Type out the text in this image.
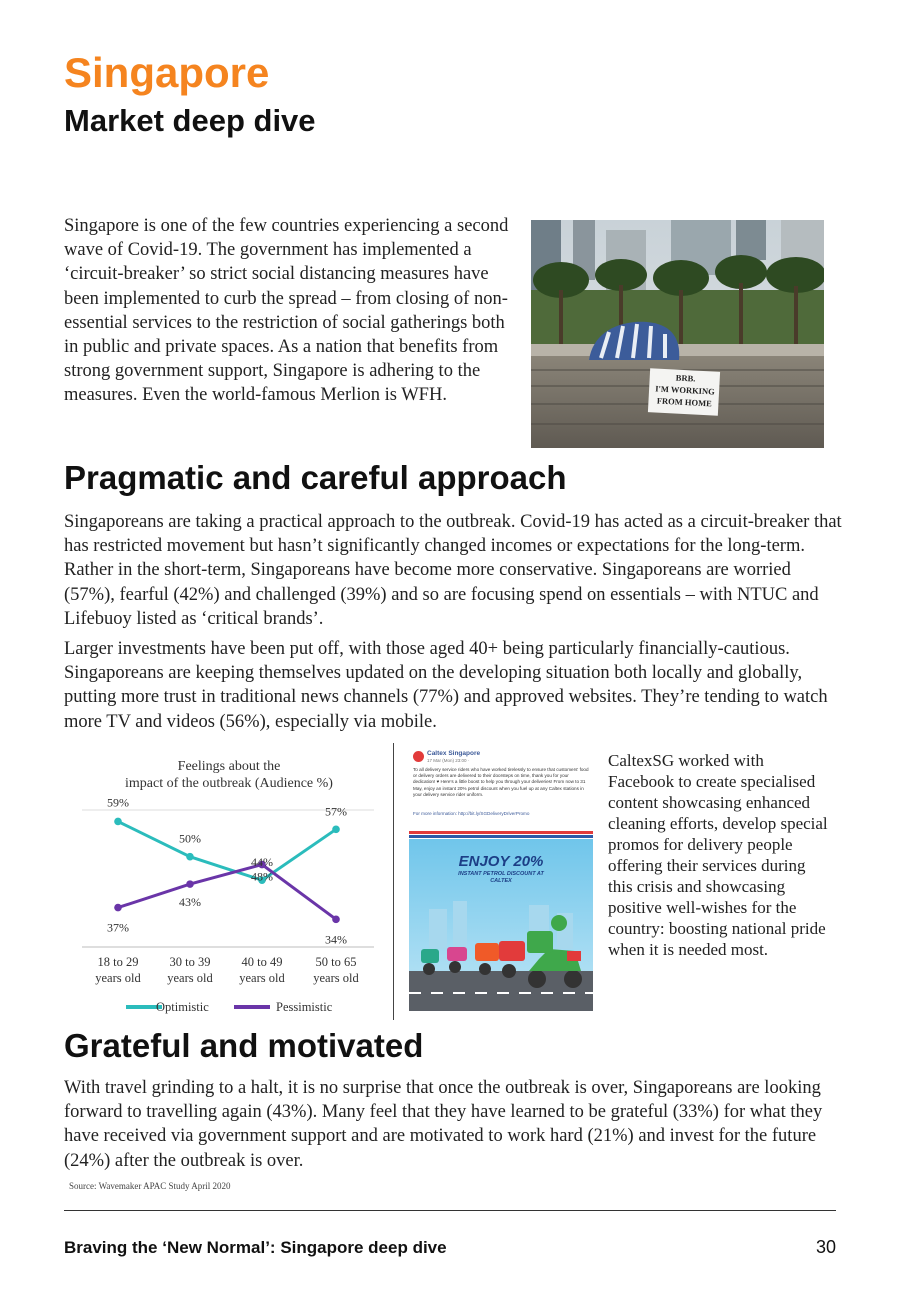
Singapore
Market deep dive

Singapore is one of the few countries experiencing a second wave of Covid-19. The government has implemented a ‘circuit-breaker’ so strict social distancing measures have been implemented to curb the spread – from closing of non-essential services to the restriction of social gatherings both in public and private spaces. As a nation that benefits from strong government support, Singapore is adhering to the measures. Even the world-famous Merlion is WFH.

BRB.
I'M WORKING
FROM HOME
Pragmatic and careful approach

Singaporeans are taking a practical approach to the outbreak. Covid-19 has acted as a circuit-breaker that has restricted movement but hasn’t significantly changed incomes or expectations for the long-term. Rather in the short-term, Singaporeans have become more conservative. Singaporeans are worried (57%), fearful (42%) and challenged (39%) and so are focusing spend on essentials – with NTUC and Lifebuoy listed as ‘critical brands’.

Larger investments have been put off, with those aged 40+ being particularly financially-cautious. Singaporeans are keeping themselves updated on the developing situation both locally and globally, putting more trust in traditional news channels (77%) and approved websites. They’re tending to watch more TV and videos (56%), especially via mobile.

Feelings about the
impact of the outbreak (Audience %)
59%
50%
44%
57%
37%
43%
48%
34%
18 to 29
years old
30 to 39
years old
40 to 49
years old
50 to 65
years old
Optimistic	Pessimistic
Caltex Singapore
17 Mar (Mon) 23:00 ·
To all delivery service riders who have worked tirelessly to ensure that customers' food or delivery orders are delivered to their doorsteps on time, thank you for your dedication! ♥ Here's a little boost to help you through your deliveries! From now to 31 May, enjoy an instant 20% petrol discount when you fuel up at any Caltex stations in your delivery service rider uniform.
For more information: http://bit.ly/SGDeliveryDriverPromo
ENJOY 20%
INSTANT PETROL DISCOUNT AT CALTEX

CaltexSG worked with Facebook to create specialised content showcasing enhanced cleaning efforts, develop special promos for delivery people offering their services during this crisis and showcasing positive well-wishes for the country: boosting national pride when it is needed most.

Grateful and motivated

With travel grinding to a halt, it is no surprise that once the outbreak is over, Singaporeans are looking forward to travelling again (43%). Many feel that they have learned to be grateful (33%) for what they have received via government support and are motivated to work hard (21%) and invest for the future (24%) after the outbreak is over.

Source: Wavemaker APAC Study April 2020
Braving the ‘New Normal’: Singapore deep dive	30
